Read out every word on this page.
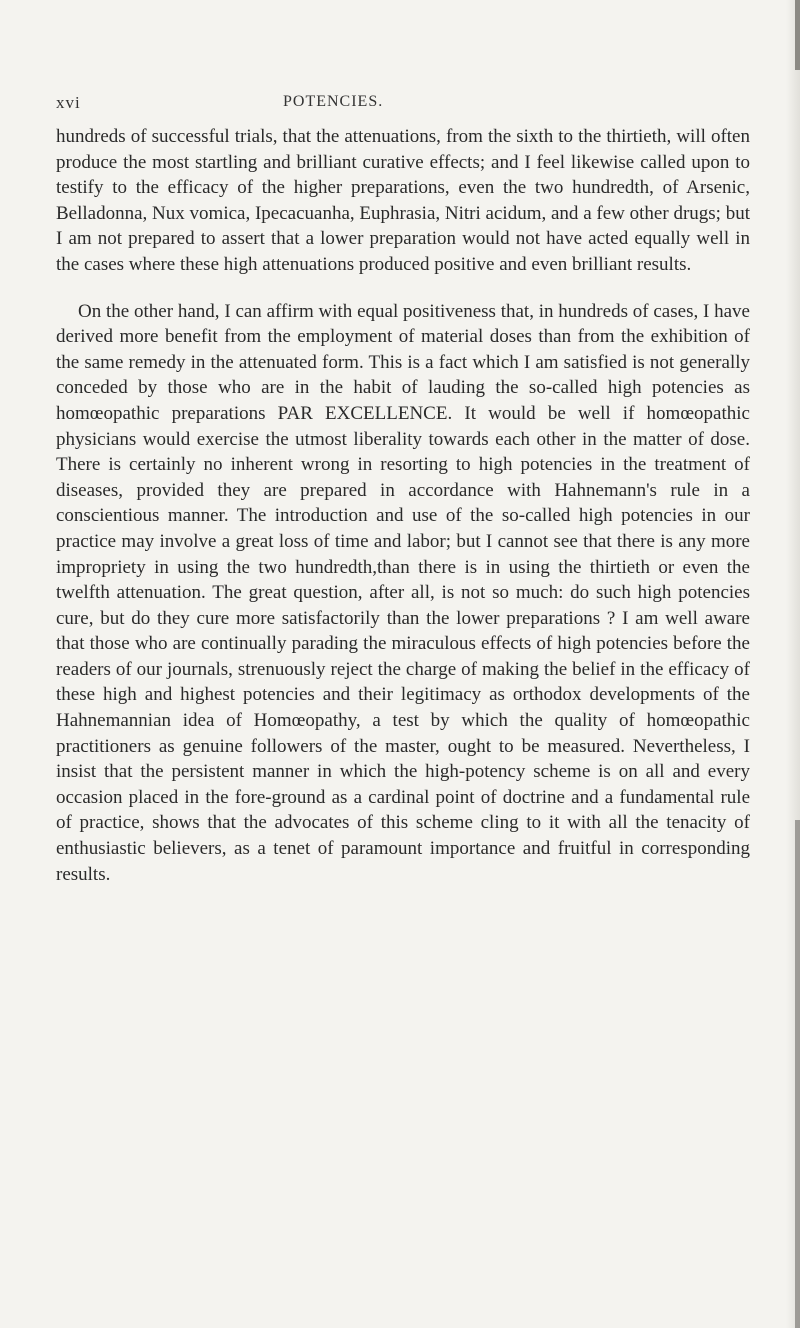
xvi	POTENCIES.

hundreds of successful trials, that the attenuations, from the sixth to the thirtieth, will often produce the most startling and brilliant curative effects; and I feel likewise called upon to testify to the efficacy of the higher preparations, even the two hundredth, of Arsenic, Belladonna, Nux vomica, Ipecacuanha, Euphrasia, Nitri acidum, and a few other drugs; but I am not prepared to assert that a lower preparation would not have acted equally well in the cases where these high attenuations produced positive and even brilliant results.

On the other hand, I can affirm with equal positiveness that, in hundreds of cases, I have derived more benefit from the employment of material doses than from the exhibition of the same remedy in the attenuated form. This is a fact which I am satisfied is not generally conceded by those who are in the habit of lauding the so-called high potencies as homœopathic preparations PAR EXCELLENCE. It would be well if homœopathic physicians would exercise the utmost liberality towards each other in the matter of dose. There is certainly no inherent wrong in resorting to high potencies in the treatment of diseases, provided they are prepared in accordance with Hahnemann's rule in a conscientious manner. The introduction and use of the so-called high potencies in our practice may involve a great loss of time and labor; but I cannot see that there is any more impropriety in using the two hundredth,than there is in using the thirtieth or even the twelfth attenuation. The great question, after all, is not so much: do such high potencies cure, but do they cure more satisfactorily than the lower preparations ? I am well aware that those who are continually parading the miraculous effects of high potencies before the readers of our journals, strenuously reject the charge of making the belief in the efficacy of these high and highest potencies and their legitimacy as orthodox developments of the Hahnemannian idea of Homœopathy, a test by which the quality of homœopathic practitioners as genuine followers of the master, ought to be measured. Nevertheless, I insist that the persistent manner in which the high-potency scheme is on all and every occasion placed in the fore-ground as a cardinal point of doctrine and a fundamental rule of practice, shows that the advocates of this scheme cling to it with all the tenacity of enthusiastic believers, as a tenet of paramount importance and fruitful in corresponding results.
